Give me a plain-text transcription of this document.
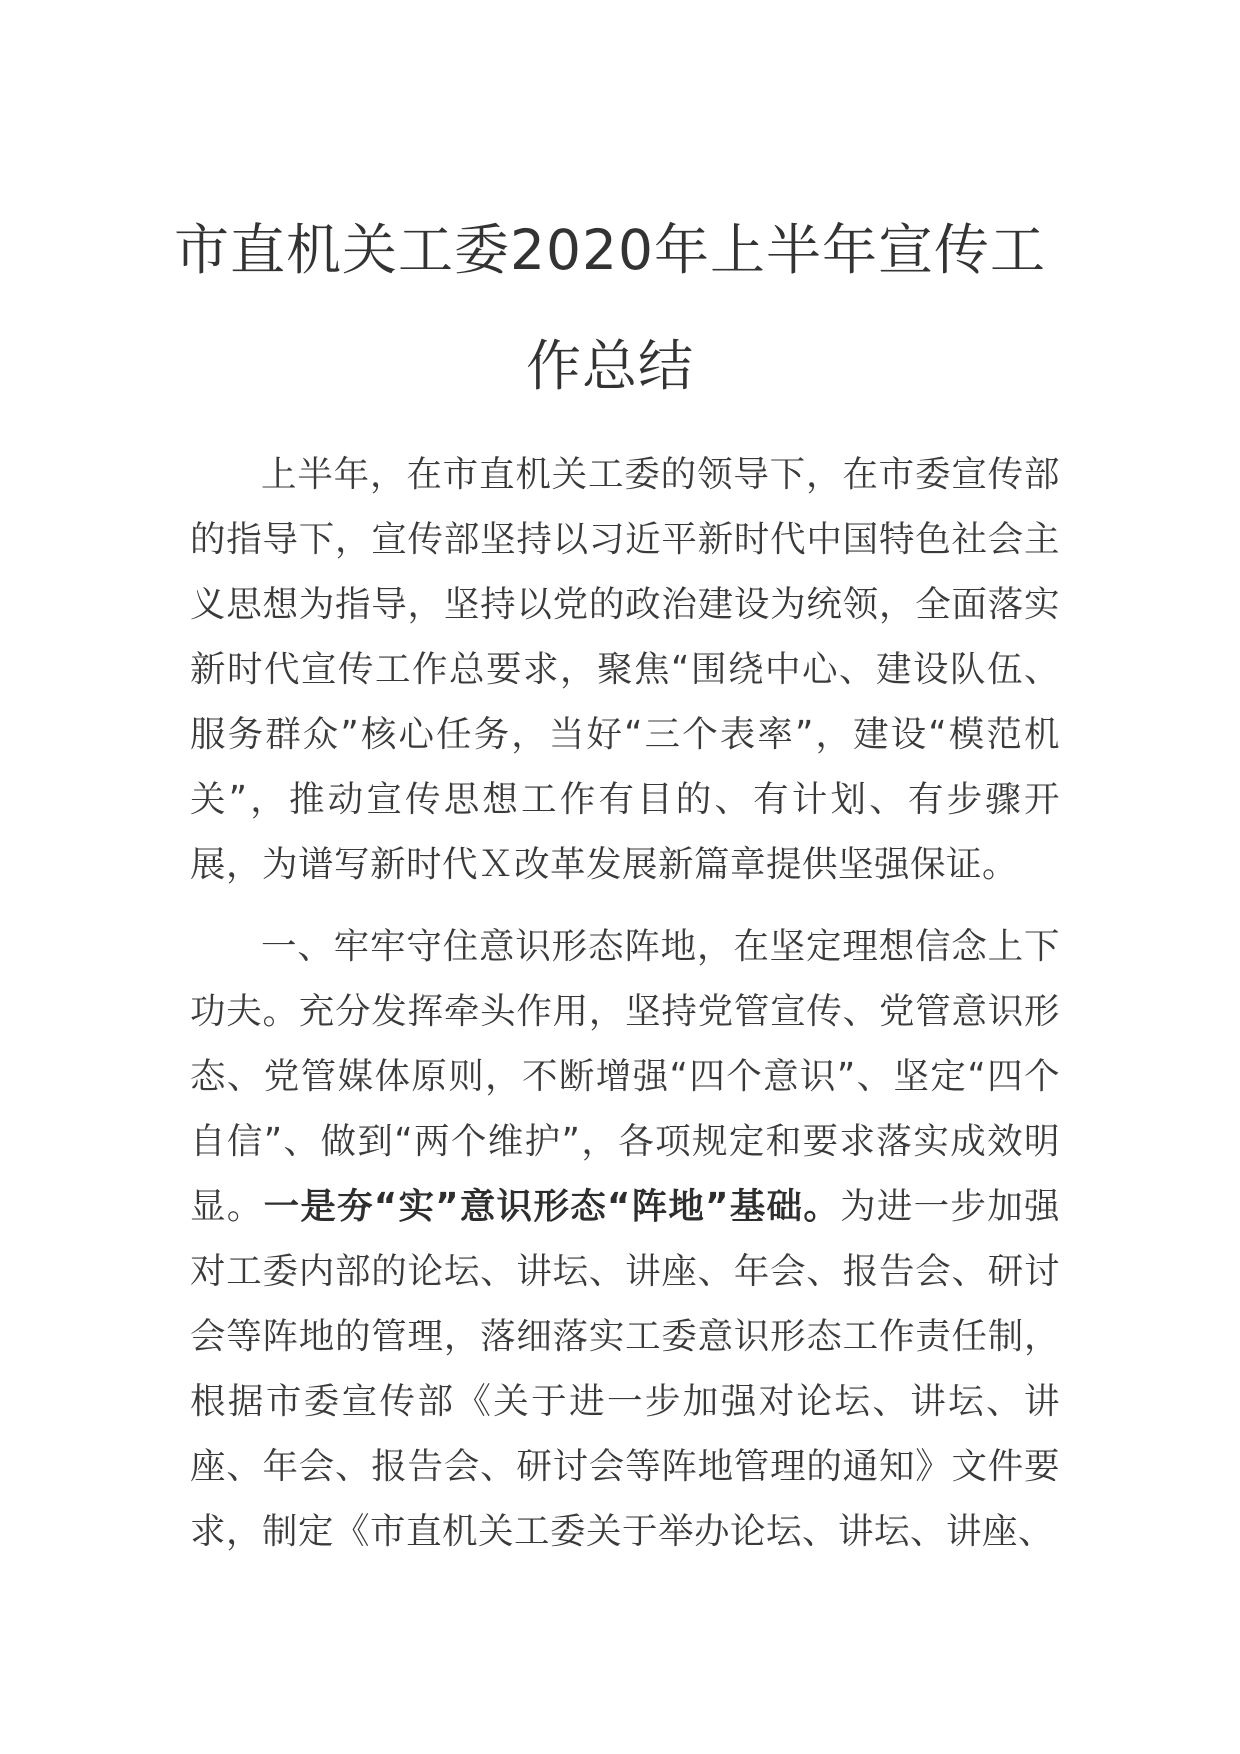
市直机关工委2020年上半年宣传工作总结

上半年，在市直机关工委的领导下，在市委宣传部的指导下，宣传部坚持以习近平新时代中国特色社会主义思想为指导，坚持以党的政治建设为统领，全面落实新时代宣传工作总要求，聚焦“围绕中心、建设队伍、服务群众”核心任务，当好“三个表率”，建设“模范机关”，推动宣传思想工作有目的、有计划、有步骤开展，为谱写新时代Ｘ改革发展新篇章提供坚强保证。

一、牢牢守住意识形态阵地，在坚定理想信念上下功夫。充分发挥牵头作用，坚持党管宣传、党管意识形态、党管媒体原则，不断增强“四个意识”、坚定“四个自信”、做到“两个维护”，各项规定和要求落实成效明显。一是夯“实”意识形态“阵地”基础。为进一步加强对工委内部的论坛、讲坛、讲座、年会、报告会、研讨会等阵地的管理，落细落实工委意识形态工作责任制，根据市委宣传部《关于进一步加强对论坛、讲坛、讲座、年会、报告会、研讨会等阵地管理的通知》文件要求，制定《市直机关工委关于举办论坛、讲坛、讲座、
